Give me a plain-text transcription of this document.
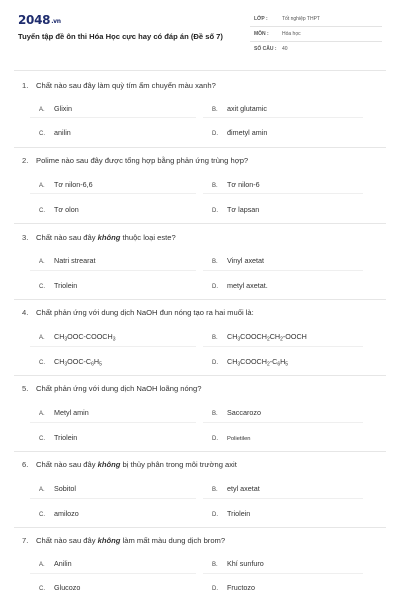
2048.vn
Tuyển tập đề ôn thi Hóa Học cực hay có đáp án (Đề số 7)
LỚP :	Tốt nghiệp THPT
MÔN :	Hóa học
SỐ CÂU : 40
1. Chất nào sau đây làm quỳ tím ẩm chuyển màu xanh?
A. Glixin	B. axit glutamic
C. anilin	D. đimetyl amin
2. Polime nào sau đây được tổng hợp bằng phản ứng trùng hợp?
A. Tơ nilon-6,6	B. Tơ nilon-6
C. Tơ olon	D. Tơ lapsan
3. Chất nào sau đây không thuộc loại este?
A. Natri strearat	B. Vinyl axetat
C. Triolein	D. metyl axetat.
4. Chất phản ứng với dung dịch NaOH đun nóng tạo ra hai muối là:
A. $CH_3OOC-COOCH_3$	B. $CH_3COOCH_2CH_2$-OOCH
C. $CH_3OOC-C_6H_5$	D. $CH_3COOCH_2-C_6H_5$
5. Chất phản ứng với dung dịch NaOH loãng nóng?
A. Metyl amin	B. Saccarozo
C. Triolein	D. Polietilen
6. Chất nào sau đây không bị thủy phân trong môi trường axit
A. Sobitol	B. etyl axetat
C. amilozo	D. Triolein
7. Chất nào sau đây không làm mất màu dung dịch brom?
A. Anilin	B. Khí sunfuro
C. Glucozo	D. Fructozo
